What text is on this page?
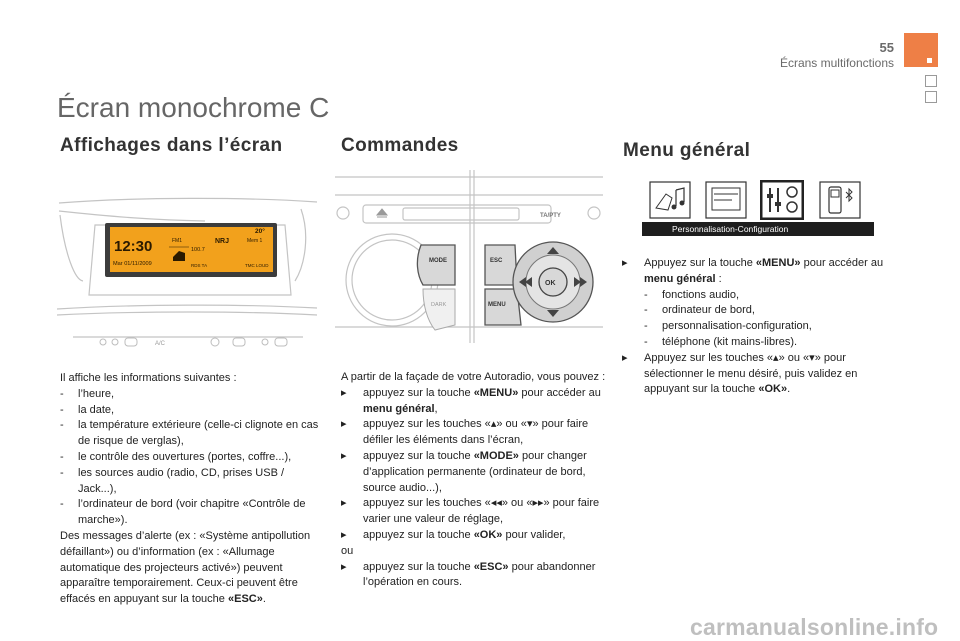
55
Écrans multifonctions
Écran monochrome C
Affichages dans l’écran	Commandes	Menu général
12:30
Mar 01/11/2009
FM1	NRJ	Mem 1
100.7
20°
RDS TA	TMC LOUD
A/C
TA/PTY
MODE
DARK
ESC
MENU
OK
Personnalisation-Configuration

Il affiche les informations suivantes :

- l’heure,

- la date,

- la température extérieure (celle-ci clignote en cas de risque de verglas),

- le contrôle des ouvertures (portes, coffre...),

- les sources audio (radio, CD, prises USB / Jack...),

- l’ordinateur de bord (voir chapitre «Contrôle de marche»).

Des messages d’alerte (ex : «Système antipollution défaillant») ou d’information (ex : «Allumage automatique des projecteurs activé») peuvent apparaître temporairement. Ceux-ci peuvent être effacés en appuyant sur la touche «ESC».

A partir de la façade de votre Autoradio, vous pouvez :

▸ appuyez sur la touche «MENU» pour accéder au menu général,

▸ appuyez sur les touches «▴» ou «▾» pour faire défiler les éléments dans l’écran,

▸ appuyez sur la touche «MODE» pour changer d’application permanente (ordinateur de bord, source audio...),

▸ appuyez sur les touches «◂◂» ou «▸▸» pour faire varier une valeur de réglage,

▸ appuyez sur la touche «OK» pour valider,

ou

▸ appuyez sur la touche «ESC» pour abandonner l’opération en cours.

▸ Appuyez sur la touche «MENU» pour accéder au menu général :

- fonctions audio,
- ordinateur de bord,
- personnalisation-configuration,
- téléphone (kit mains-libres).

▸ Appuyez sur les touches «▴» ou «▾» pour sélectionner le menu désiré, puis validez en appuyant sur la touche «OK».

carmanualsonline.info
